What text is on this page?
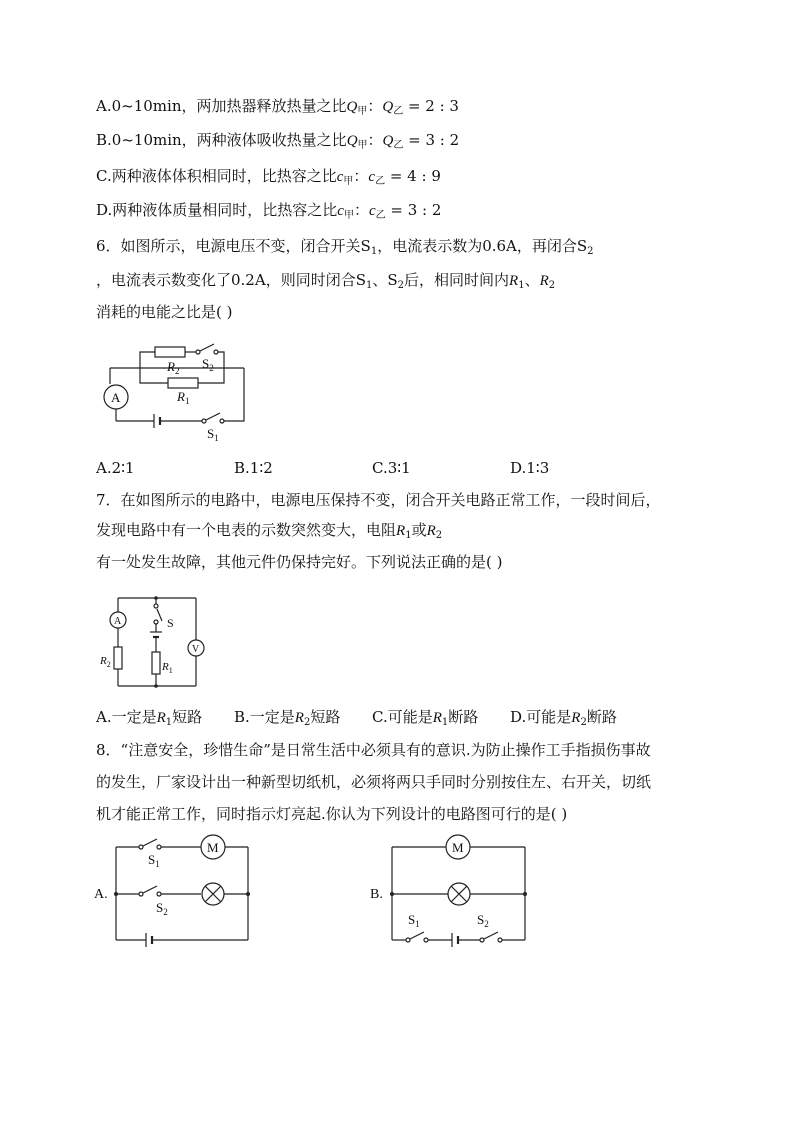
A.0~10min，两加热器释放热量之比$Q_甲$：$Q_乙 = 2$ : 3
B.0~10min，两种液体吸收热量之比$Q_甲$：$Q_乙 = 3$ : 2
C.两种液体体积相同时，比热容之比$c_甲$：$c_乙 = 4$ : 9
D.两种液体质量相同时，比热容之比$c_甲$：$c_乙 = 3$ : 2
6．如图所示，电源电压不变，闭合开关$S_1$，电流表示数为0.6A，再闭合$S_2$
，电流表示数变化了0.2A，则同时闭合$S_1$、$S_2$后，相同时间内$R_1$、$R_2$
消耗的电能之比是( )
A
$R_2$ $S_2$
$R_1$
$S_1$
A.2∶1	B.1∶2	C.3∶1	D.1∶3
7．在如图所示的电路中，电源电压保持不变，闭合开关电路正常工作，一段时间后，
发现电路中有一个电表的示数突然变大，电阻$R_1$或$R_2$
有一处发生故障，其他元件仍保持完好。下列说法正确的是( )
A
V
S
$R_2$	$R_1$
A.一定是$R_1$短路 B.一定是$R_2$短路 C.可能是$R_1$断路 D.可能是$R_2$断路
8．“注意安全，珍惜生命”是日常生活中必须具有的意识.为防止操作工手指损伤事故
的发生，厂家设计出一种新型切纸机，必须将两只手同时分别按住左、右开关，切纸
机才能正常工作，同时指示灯亮起.你认为下列设计的电路图可行的是( )
A.
M
$S_1$
$S_2$
B.
M
$S_1$	$S_2$
